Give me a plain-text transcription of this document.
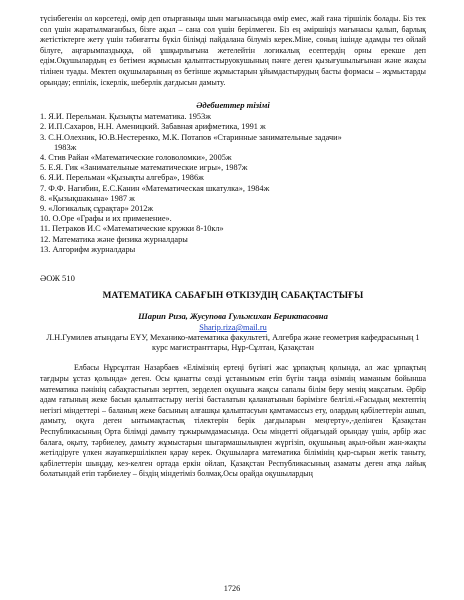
түсінбегенін ол көрсетеді, өмір деп отырғаныңы шын мағынасында өмір емес, жай ғана тіршілік болады. Біз тек сол үшін жаратылмағанбыз, бізге ақыл – сана сол үшін берілмеген. Біз ең әміршіңіз мағынасы қалып, барлық жетістіктерге жету үшін тәбиғатты бүкіл білімді пайдалана білуміз керек.Міне, соның ішінде адамды тез ойлай білуге, аңғарымпаздыққа, ой ұшқырлығына жетелейтін логикалық есептердің орны ерекше деп едім.Оқушылардың ез бетімен жұмысын қалыптастыруокушының пәнге деген қызығушылығынан және жақсы тілінен туады. Мектеп оқушыларының өз бетінше жұмыстарын ұйымдастырудың басты формасы – жұмыстарды орындау; еппілік, іскерлік, шеберлік дағдысын дамыту.

Әдебиеттер тізімі

1. Я.И. Перельман. Қызықты математика. 1953ж
2. И.П.Сахаров, Н.Н. Аменицкий. Забавная арифметика, 1991 ж
3. С.Н.Олехник, Ю.В.Нестеренко, М.К. Потапов «Старинные занимательные задачи»
1983ж
4. Стив Райан «Математические головоломки», 2005ж
5. Е.Я. Гик «Занимательные математические игры», 1987ж
6. Я.И. Перельман «Қызықты алгебра», 1986ж
7. Ф.Ф. Нагибин, Е.С.Канин «Математическая шкатулка», 1984ж
8. «Қызықшакына» 1987 ж
9. «Логикалық сұрақтар» 2012ж
10. О.Оре «Графы и их применение».
11. Петраков И.С «Математические кружки 8-10кл»
12. Математика және физика журналдары
13. Алгорифм журналдары

ӘОЖ 510

МАТЕМАТИКА САБАҒЫН ӨТКІЗУДІҢ САБАҚТАСТЫҒЫ

Шарип Риза, Жусупова Гульжихан Бериктасовна

Sharip.riza@mail.ru

Л.Н.Гумилев атындағы ЕҰУ, Механико-математика факультеті, Алгебра және геометрия кафедрасының 1 курс магистранттары, Нұр-Сұлтан, Қазақстан

Елбасы Нұрсұлтан Назарбаев «Елімізнің ертеңі бүгінгі жас ұрпақтың қолында, ал жас ұрпақтың тағдыры ұстаз қолында» деген. Осы қанатты сөзді ұстанымым етіп бүгін таңда өзімнің маманым бойынша математика пәнінің сабақтастығын зерттеп, зерделеп оқушыға жақсы сапалы білім беру менің мақсатым. Әрбір адам ғатының жеке басын қалыптастыру негізі басталатын қаланатынын бәрімізге белгілі.«Ғасыдың мектептің негізгі міндеттері – баланың жеке басының алғашқы қалыптасуын қамтамассыз ету, олардың қабілеттерін ашып, дамыту, оқуға деген ынтымақтастық тілектерін берік дағдыларын меңгерту»,-делінген Қазақстан Республикасының Орта білімді дамыту тұжырымдамасында. Осы міндетті ойдағыдай орындау үшін, әрбір жас балаға, оқыту, тәрбиелеу, дамыту жұмыстарын шыгармашылықпен жүргізіп, оқушының ақыл-ойын жан-жақты жетілдіруге үлкен жауапкершілікпен қарау керек. Оқушыларға математика білімінің қыр-сырын жетік таныту, қабілеттерін шыңдау, кез-келген ортада еркін ойлап, Қазақстан Республикасының азаматы деген атқа лайық болатындай етіп тәрбиелеу – біздің міндетіміз болмақ.Осы орайда оқушылардың

1726
